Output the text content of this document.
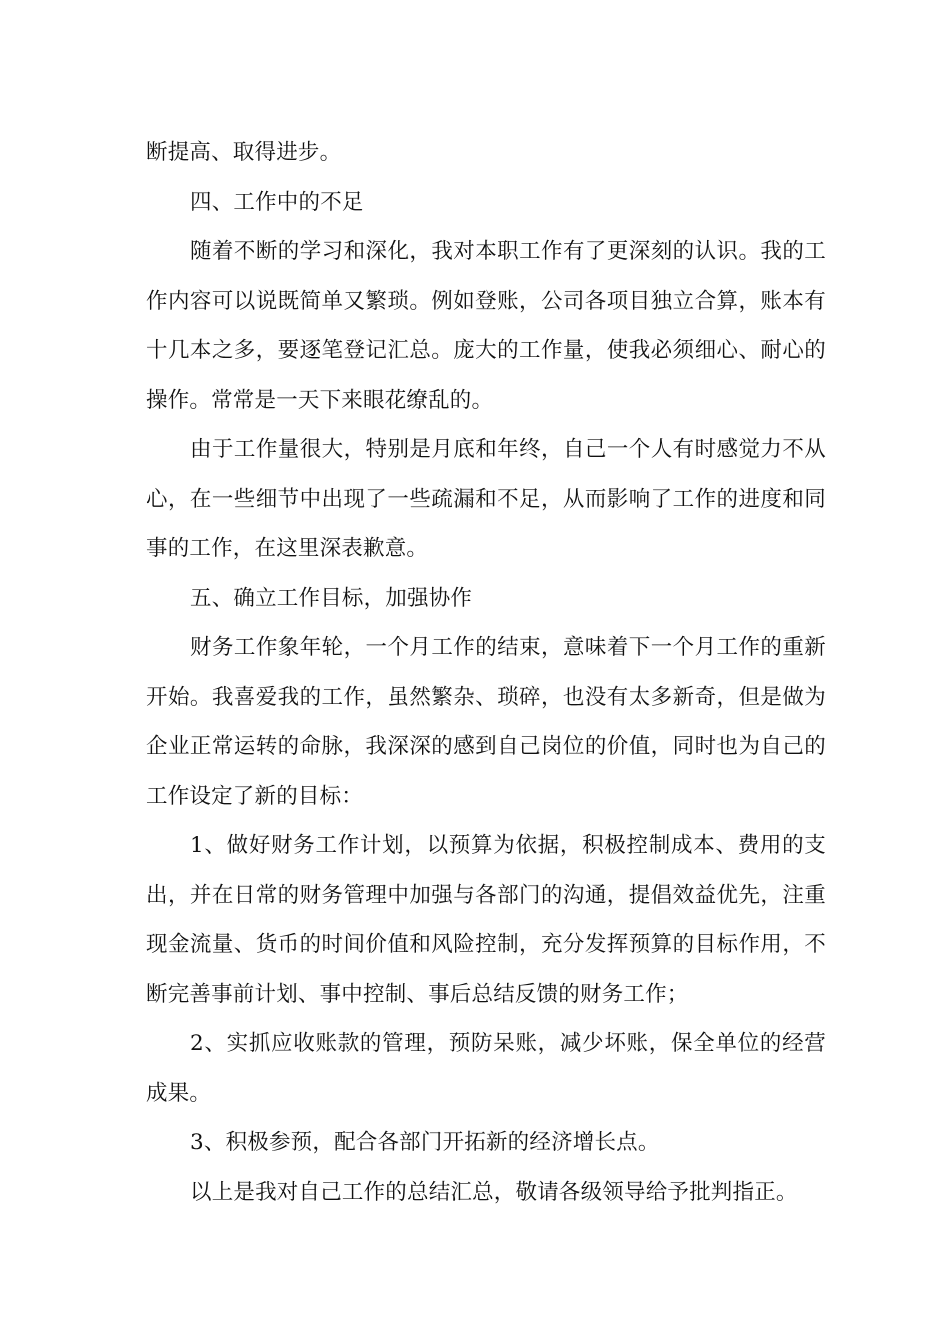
断提高、取得进步。

四、工作中的不足

随着不断的学习和深化，我对本职工作有了更深刻的认识。我的工作内容可以说既简单又繁琐。例如登账，公司各项目独立合算，账本有十几本之多，要逐笔登记汇总。庞大的工作量，使我必须细心、耐心的操作。常常是一天下来眼花缭乱的。

由于工作量很大，特别是月底和年终，自己一个人有时感觉力不从心，在一些细节中出现了一些疏漏和不足，从而影响了工作的进度和同事的工作，在这里深表歉意。

五、确立工作目标，加强协作

财务工作象年轮，一个月工作的结束，意味着下一个月工作的重新开始。我喜爱我的工作，虽然繁杂、琐碎，也没有太多新奇，但是做为企业正常运转的命脉，我深深的感到自己岗位的价值，同时也为自己的工作设定了新的目标：

1、做好财务工作计划，以预算为依据，积极控制成本、费用的支出，并在日常的财务管理中加强与各部门的沟通，提倡效益优先，注重现金流量、货币的时间价值和风险控制，充分发挥预算的目标作用，不断完善事前计划、事中控制、事后总结反馈的财务工作；

2、实抓应收账款的管理，预防呆账，减少坏账，保全单位的经营成果。

3、积极参预，配合各部门开拓新的经济增长点。

以上是我对自己工作的总结汇总，敬请各级领导给予批判指正。
